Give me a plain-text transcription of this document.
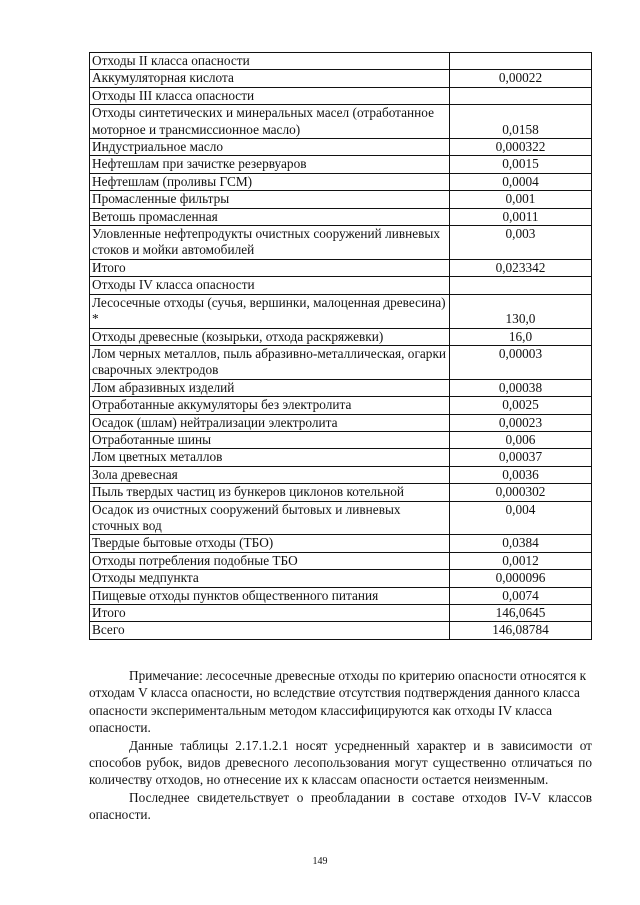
Отходы II класса опасности	
Аккумуляторная кислота	0,00022
Отходы III класса опасности	
Отходы синтетических и минеральных масел (отработанное моторное и трансмиссионное масло)	0,0158
Индустриальное масло	0,000322
Нефтешлам при зачистке резервуаров	0,0015
Нефтешлам (проливы ГСМ)	0,0004
Промасленные фильтры	0,001
Ветошь промасленная	0,0011
Уловленные нефтепродукты очистных сооружений ливневых стоков и мойки автомобилей	0,003
Итого	0,023342
Отходы IV класса опасности	
Лесосечные отходы (сучья, вершинки, малоценная древесина) *	130,0
Отходы древесные (козырьки, отхода раскряжевки)	16,0
Лом черных металлов, пыль абразивно-металлическая, огарки сварочных электродов	0,00003
Лом абразивных изделий	0,00038
Отработанные аккумуляторы без электролита	0,0025
Осадок (шлам) нейтрализации электролита	0,00023
Отработанные шины	0,006
Лом цветных металлов	0,00037
Зола древесная	0,0036
Пыль твердых частиц из бункеров циклонов котельной	0,000302
Осадок из очистных сооружений бытовых и ливневых сточных вод	0,004
Твердые бытовые отходы (ТБО)	0,0384
Отходы потребления подобные ТБО	0,0012
Отходы медпункта	0,000096
Пищевые отходы пунктов общественного питания	0,0074
Итого	146,0645
Всего	146,08784

Примечание: лесосечные древесные отходы по критерию опасности относятся к отходам V класса опасности, но вследствие отсутствия подтверждения данного класса опасности экспериментальным методом классифицируются как отходы IV класса опасности.

Данные таблицы 2.17.1.2.1 носят усредненный характер и в зависимости от способов рубок, видов древесного лесопользования могут существенно отличаться по количеству отходов, но отнесение их к классам опасности остается неизменным.

Последнее свидетельствует о преобладании в составе отходов IV-V классов опасности.

149
